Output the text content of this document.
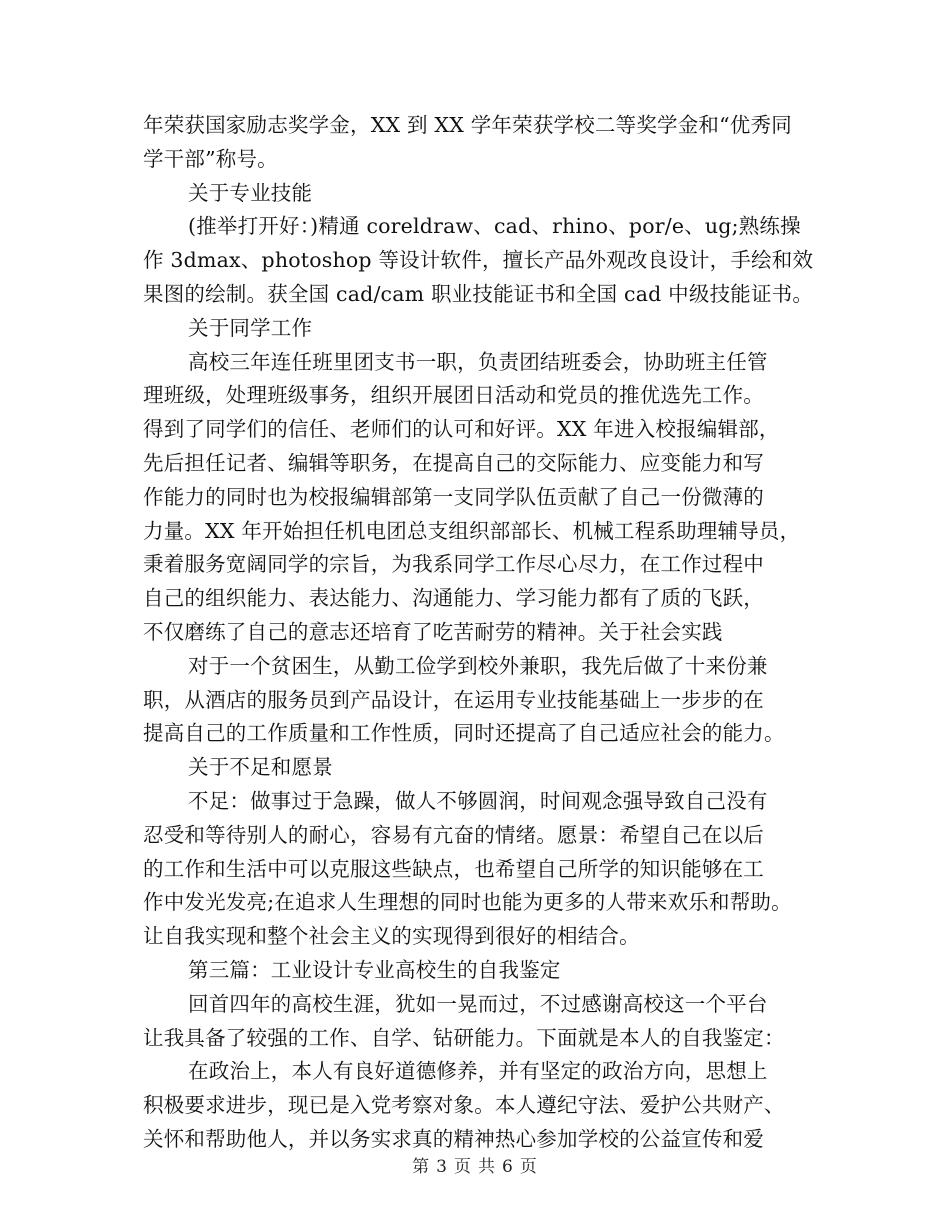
年荣获国家励志奖学金，XX 到 XX 学年荣获学校二等奖学金和“优秀同
学干部”称号。
关于专业技能
(推举打开好：)精通 coreldraw、cad、rhino、por/e、ug;熟练操
作 3dmax、photoshop 等设计软件，擅长产品外观改良设计，手绘和效
果图的绘制。获全国 cad/cam 职业技能证书和全国 cad 中级技能证书。
关于同学工作
高校三年连任班里团支书一职，负责团结班委会，协助班主任管
理班级，处理班级事务，组织开展团日活动和党员的推优选先工作。
得到了同学们的信任、老师们的认可和好评。XX 年进入校报编辑部，
先后担任记者、编辑等职务，在提高自己的交际能力、应变能力和写
作能力的同时也为校报编辑部第一支同学队伍贡献了自己一份微薄的
力量。XX 年开始担任机电团总支组织部部长、机械工程系助理辅导员，
秉着服务宽阔同学的宗旨，为我系同学工作尽心尽力，在工作过程中
自己的组织能力、表达能力、沟通能力、学习能力都有了质的飞跃，
不仅磨练了自己的意志还培育了吃苦耐劳的精神。关于社会实践
对于一个贫困生，从勤工俭学到校外兼职，我先后做了十来份兼
职，从酒店的服务员到产品设计，在运用专业技能基础上一步步的在
提高自己的工作质量和工作性质，同时还提高了自己适应社会的能力。
关于不足和愿景
不足：做事过于急躁，做人不够圆润，时间观念强导致自己没有
忍受和等待别人的耐心，容易有亢奋的情绪。愿景：希望自己在以后
的工作和生活中可以克服这些缺点，也希望自己所学的知识能够在工
作中发光发亮;在追求人生理想的同时也能为更多的人带来欢乐和帮助。
让自我实现和整个社会主义的实现得到很好的相结合。
第三篇：工业设计专业高校生的自我鉴定
回首四年的高校生涯，犹如一晃而过，不过感谢高校这一个平台
让我具备了较强的工作、自学、钻研能力。下面就是本人的自我鉴定：
在政治上，本人有良好道德修养，并有坚定的政治方向，思想上
积极要求进步，现已是入党考察对象。本人遵纪守法、爱护公共财产、
关怀和帮助他人，并以务实求真的精神热心参加学校的公益宣传和爱
第 3 页 共 6 页
